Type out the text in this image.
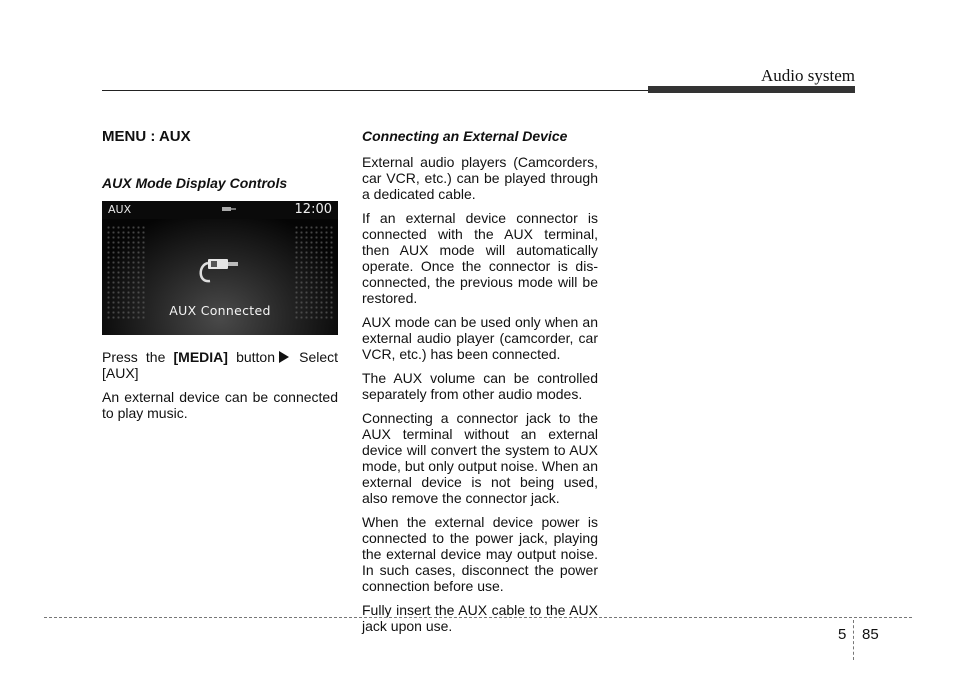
Audio system
MENU : AUX
AUX Mode Display Controls
AUX Connected
AUX	12:00

Press the [MEDIA] button Select [AUX]

An external device can be connected to play music.

Connecting an External Device

External audio players (Camcorders, car VCR, etc.) can be played through a dedicated cable.

If an external device connector is connected with the AUX terminal, then AUX mode will automatically operate. Once the connector is dis-connected, the previous mode will be restored.

AUX mode can be used only when an external audio player (camcorder, car VCR, etc.) has been connected.

The AUX volume can be controlled separately from other audio modes.

Connecting a connector jack to the AUX terminal without an external device will convert the system to AUX mode, but only output noise. When an external device is not being used, also remove the connector jack.

When the external device power is connected to the power jack, playing the external device may output noise. In such cases, disconnect the power connection before use.

Fully insert the AUX cable to the AUX jack upon use.	5 85
